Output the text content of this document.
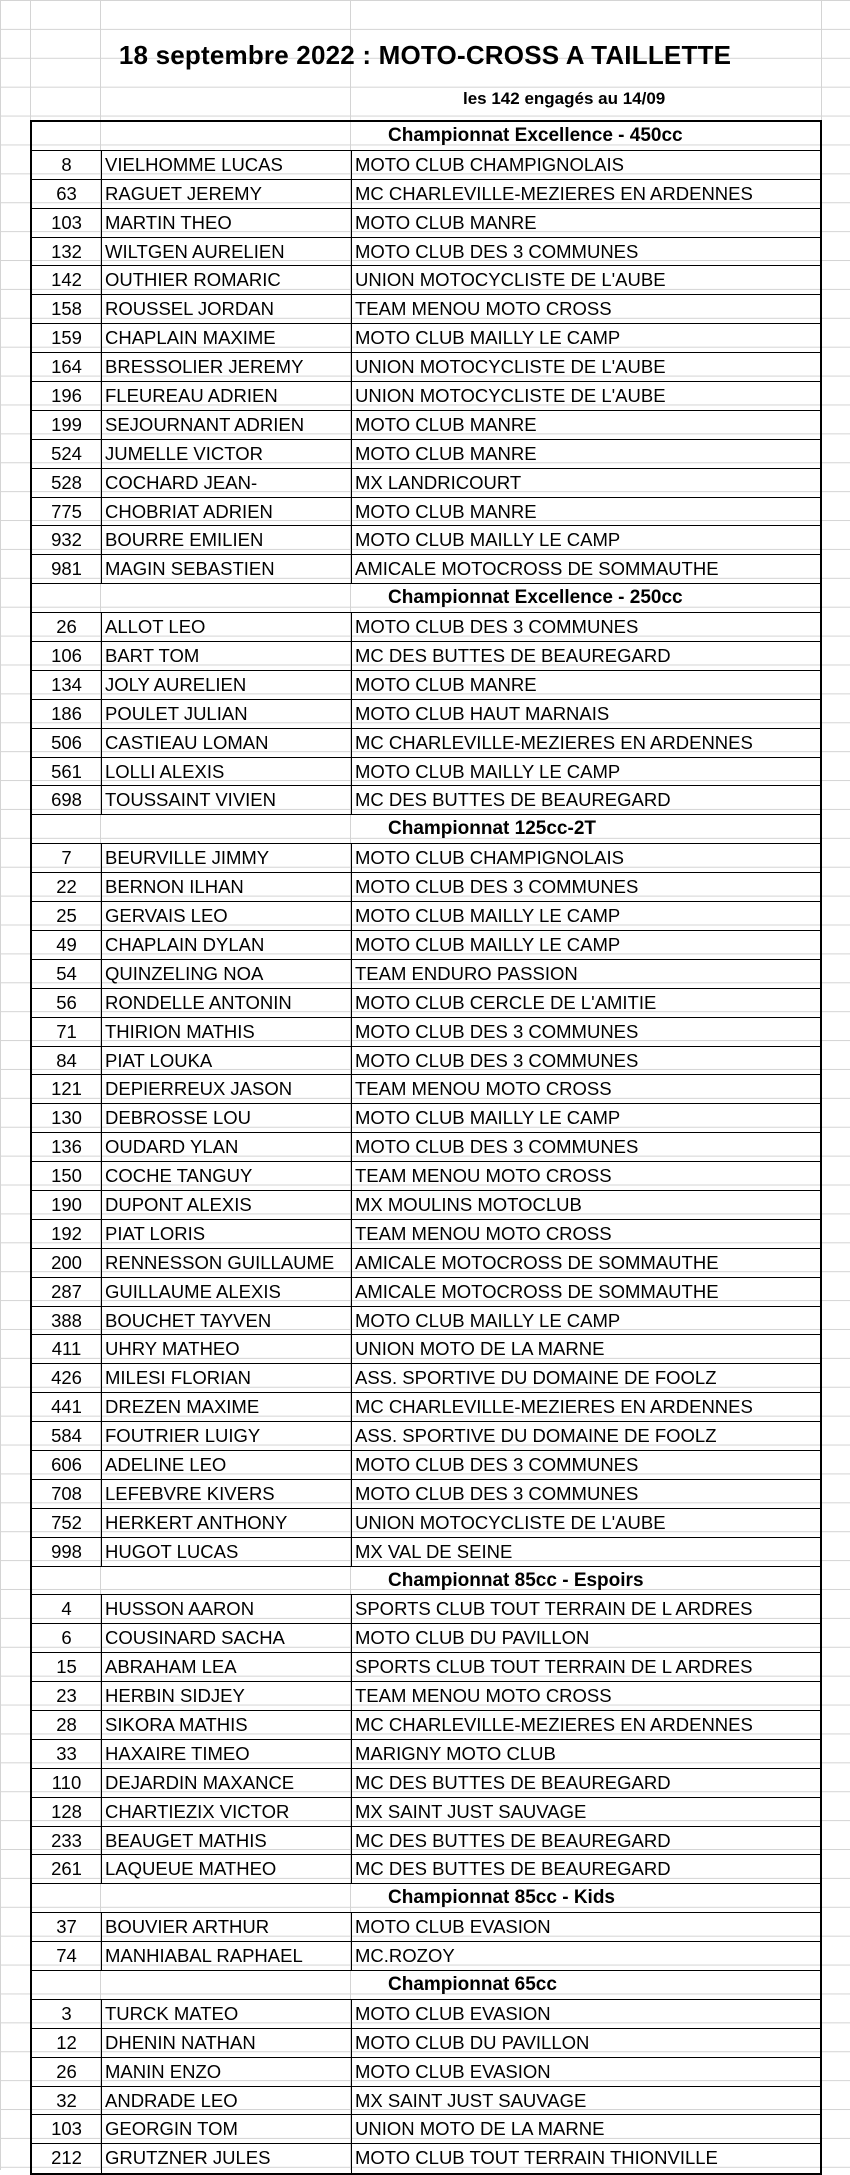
18 septembre 2022 : MOTO-CROSS A TAILLETTE
les 142 engagés au 14/09
Championnat Excellence - 450cc
8	VIELHOMME LUCAS	MOTO CLUB CHAMPIGNOLAIS
63	RAGUET JEREMY	MC CHARLEVILLE-MEZIERES EN ARDENNES
103	MARTIN THEO	MOTO CLUB MANRE
132	WILTGEN AURELIEN	MOTO CLUB DES 3 COMMUNES
142	OUTHIER ROMARIC	UNION MOTOCYCLISTE DE L'AUBE
158	ROUSSEL JORDAN	TEAM MENOU MOTO CROSS
159	CHAPLAIN MAXIME	MOTO CLUB MAILLY LE CAMP
164	BRESSOLIER JEREMY	UNION MOTOCYCLISTE DE L'AUBE
196	FLEUREAU ADRIEN	UNION MOTOCYCLISTE DE L'AUBE
199	SEJOURNANT ADRIEN	MOTO CLUB MANRE
524	JUMELLE VICTOR	MOTO CLUB MANRE
528	COCHARD JEAN-	MX LANDRICOURT
775	CHOBRIAT ADRIEN	MOTO CLUB MANRE
932	BOURRE EMILIEN	MOTO CLUB MAILLY LE CAMP
981	MAGIN SEBASTIEN	AMICALE MOTOCROSS DE SOMMAUTHE
Championnat Excellence - 250cc
26	ALLOT LEO	MOTO CLUB DES 3 COMMUNES
106	BART TOM	MC DES BUTTES DE BEAUREGARD
134	JOLY AURELIEN	MOTO CLUB MANRE
186	POULET JULIAN	MOTO CLUB HAUT MARNAIS
506	CASTIEAU LOMAN	MC CHARLEVILLE-MEZIERES EN ARDENNES
561	LOLLI ALEXIS	MOTO CLUB MAILLY LE CAMP
698	TOUSSAINT VIVIEN	MC DES BUTTES DE BEAUREGARD
Championnat 125cc-2T
7	BEURVILLE JIMMY	MOTO CLUB CHAMPIGNOLAIS
22	BERNON ILHAN	MOTO CLUB DES 3 COMMUNES
25	GERVAIS LEO	MOTO CLUB MAILLY LE CAMP
49	CHAPLAIN DYLAN	MOTO CLUB MAILLY LE CAMP
54	QUINZELING NOA	TEAM ENDURO PASSION
56	RONDELLE ANTONIN	MOTO CLUB CERCLE DE L'AMITIE
71	THIRION MATHIS	MOTO CLUB DES 3 COMMUNES
84	PIAT LOUKA	MOTO CLUB DES 3 COMMUNES
121	DEPIERREUX JASON	TEAM MENOU MOTO CROSS
130	DEBROSSE LOU	MOTO CLUB MAILLY LE CAMP
136	OUDARD YLAN	MOTO CLUB DES 3 COMMUNES
150	COCHE TANGUY	TEAM MENOU MOTO CROSS
190	DUPONT ALEXIS	MX MOULINS MOTOCLUB
192	PIAT LORIS	TEAM MENOU MOTO CROSS
200	RENNESSON GUILLAUME	AMICALE MOTOCROSS DE SOMMAUTHE
287	GUILLAUME ALEXIS	AMICALE MOTOCROSS DE SOMMAUTHE
388	BOUCHET TAYVEN	MOTO CLUB MAILLY LE CAMP
411	UHRY MATHEO	UNION MOTO DE LA MARNE
426	MILESI FLORIAN	ASS. SPORTIVE DU DOMAINE DE FOOLZ
441	DREZEN MAXIME	MC CHARLEVILLE-MEZIERES EN ARDENNES
584	FOUTRIER LUIGY	ASS. SPORTIVE DU DOMAINE DE FOOLZ
606	ADELINE LEO	MOTO CLUB DES 3 COMMUNES
708	LEFEBVRE KIVERS	MOTO CLUB DES 3 COMMUNES
752	HERKERT ANTHONY	UNION MOTOCYCLISTE DE L'AUBE
998	HUGOT LUCAS	MX VAL DE SEINE
Championnat 85cc - Espoirs
4	HUSSON AARON	SPORTS CLUB TOUT TERRAIN DE L ARDRES
6	COUSINARD SACHA	MOTO CLUB DU PAVILLON
15	ABRAHAM LEA	SPORTS CLUB TOUT TERRAIN DE L ARDRES
23	HERBIN SIDJEY	TEAM MENOU MOTO CROSS
28	SIKORA MATHIS	MC CHARLEVILLE-MEZIERES EN ARDENNES
33	HAXAIRE TIMEO	MARIGNY MOTO CLUB
110	DEJARDIN MAXANCE	MC DES BUTTES DE BEAUREGARD
128	CHARTIEZIX VICTOR	MX SAINT JUST SAUVAGE
233	BEAUGET MATHIS	MC DES BUTTES DE BEAUREGARD
261	LAQUEUE MATHEO	MC DES BUTTES DE BEAUREGARD
Championnat 85cc - Kids
37	BOUVIER ARTHUR	MOTO CLUB EVASION
74	MANHIABAL RAPHAEL	MC.ROZOY
Championnat 65cc
3	TURCK MATEO	MOTO CLUB EVASION
12	DHENIN NATHAN	MOTO CLUB DU PAVILLON
26	MANIN ENZO	MOTO CLUB EVASION
32	ANDRADE LEO	MX SAINT JUST SAUVAGE
103	GEORGIN TOM	UNION MOTO DE LA MARNE
212	GRUTZNER JULES	MOTO CLUB TOUT TERRAIN THIONVILLE
